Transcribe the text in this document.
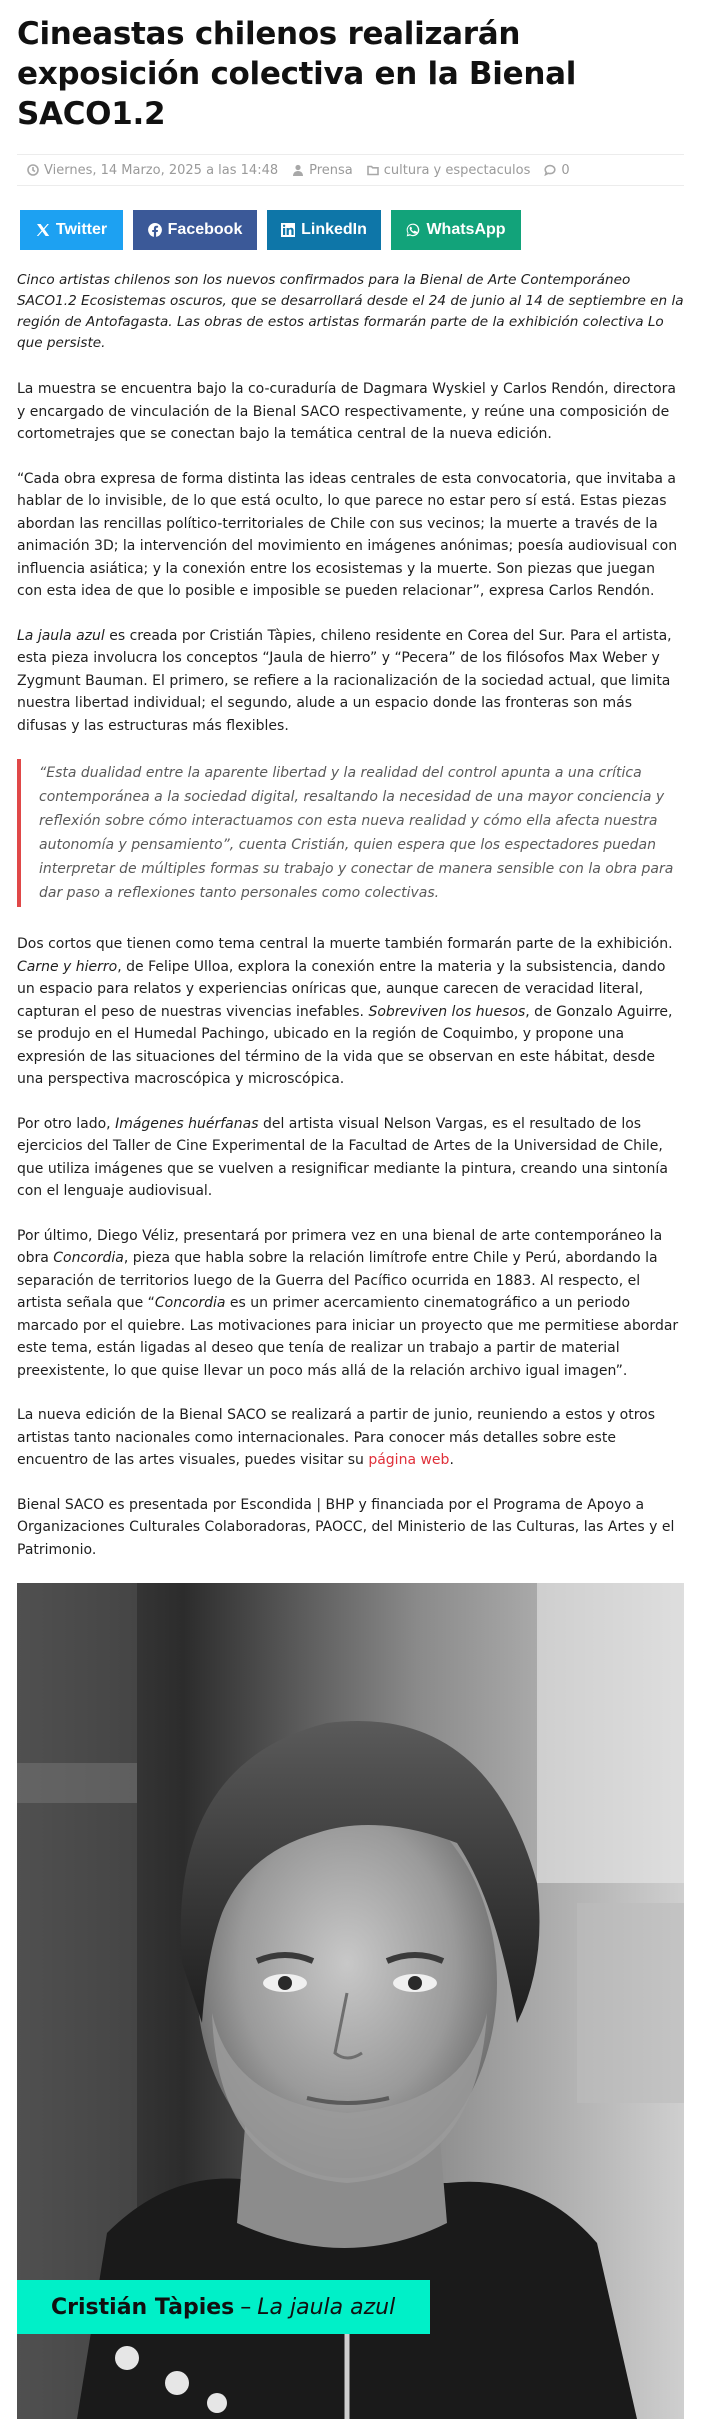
Cineastas chilenos realizarán exposición colectiva en la Bienal SACO1.2
Viernes, 14 Marzo, 2025 a las 14:48 Prensa cultura y espectaculos 0
Twitter	Facebook	LinkedIn	WhatsApp

Cinco artistas chilenos son los nuevos confirmados para la Bienal de Arte Contemporáneo SACO1.2 Ecosistemas oscuros, que se desarrollará desde el 24 de junio al 14 de septiembre en la región de Antofagasta. Las obras de estos artistas formarán parte de la exhibición colectiva Lo que persiste.

La muestra se encuentra bajo la co-curaduría de Dagmara Wyskiel y Carlos Rendón, directora y encargado de vinculación de la Bienal SACO respectivamente, y reúne una composición de cortometrajes que se conectan bajo la temática central de la nueva edición.

“Cada obra expresa de forma distinta las ideas centrales de esta convocatoria, que invitaba a hablar de lo invisible, de lo que está oculto, lo que parece no estar pero sí está. Estas piezas abordan las rencillas político-territoriales de Chile con sus vecinos; la muerte a través de la animación 3D; la intervención del movimiento en imágenes anónimas; poesía audiovisual con influencia asiática; y la conexión entre los ecosistemas y la muerte. Son piezas que juegan con esta idea de que lo posible e imposible se pueden relacionar”, expresa Carlos Rendón.

La jaula azul es creada por Cristián Tàpies, chileno residente en Corea del Sur. Para el artista, esta pieza involucra los conceptos “Jaula de hierro” y “Pecera” de los filósofos Max Weber y Zygmunt Bauman. El primero, se refiere a la racionalización de la sociedad actual, que limita nuestra libertad individual; el segundo, alude a un espacio donde las fronteras son más difusas y las estructuras más flexibles.

“Esta dualidad entre la aparente libertad y la realidad del control apunta a una crítica contemporánea a la sociedad digital, resaltando la necesidad de una mayor conciencia y reflexión sobre cómo interactuamos con esta nueva realidad y cómo ella afecta nuestra autonomía y pensamiento”, cuenta Cristián, quien espera que los espectadores puedan interpretar de múltiples formas su trabajo y conectar de manera sensible con la obra para dar paso a reflexiones tanto personales como colectivas.

Dos cortos que tienen como tema central la muerte también formarán parte de la exhibición. Carne y hierro, de Felipe Ulloa, explora la conexión entre la materia y la subsistencia, dando un espacio para relatos y experiencias oníricas que, aunque carecen de veracidad literal, capturan el peso de nuestras vivencias inefables. Sobreviven los huesos, de Gonzalo Aguirre, se produjo en el Humedal Pachingo, ubicado en la región de Coquimbo, y propone una expresión de las situaciones del término de la vida que se observan en este hábitat, desde una perspectiva macroscópica y microscópica.

Por otro lado, Imágenes huérfanas del artista visual Nelson Vargas, es el resultado de los ejercicios del Taller de Cine Experimental de la Facultad de Artes de la Universidad de Chile, que utiliza imágenes que se vuelven a resignificar mediante la pintura, creando una sintonía con el lenguaje audiovisual.

Por último, Diego Véliz, presentará por primera vez en una bienal de arte contemporáneo la obra Concordia, pieza que habla sobre la relación limítrofe entre Chile y Perú, abordando la separación de territorios luego de la Guerra del Pacífico ocurrida en 1883. Al respecto, el artista señala que “Concordia es un primer acercamiento cinematográfico a un periodo marcado por el quiebre. Las motivaciones para iniciar un proyecto que me permitiese abordar este tema, están ligadas al deseo que tenía de realizar un trabajo a partir de material preexistente, lo que quise llevar un poco más allá de la relación archivo igual imagen”.

La nueva edición de la Bienal SACO se realizará a partir de junio, reuniendo a estos y otros artistas tanto nacionales como internacionales. Para conocer más detalles sobre este encuentro de las artes visuales, puedes visitar su página web.

Bienal SACO es presentada por Escondida | BHP y financiada por el Programa de Apoyo a Organizaciones Culturales Colaboradoras, PAOCC, del Ministerio de las Culturas, las Artes y el Patrimonio.

Cristián Tàpies – La jaula azul
